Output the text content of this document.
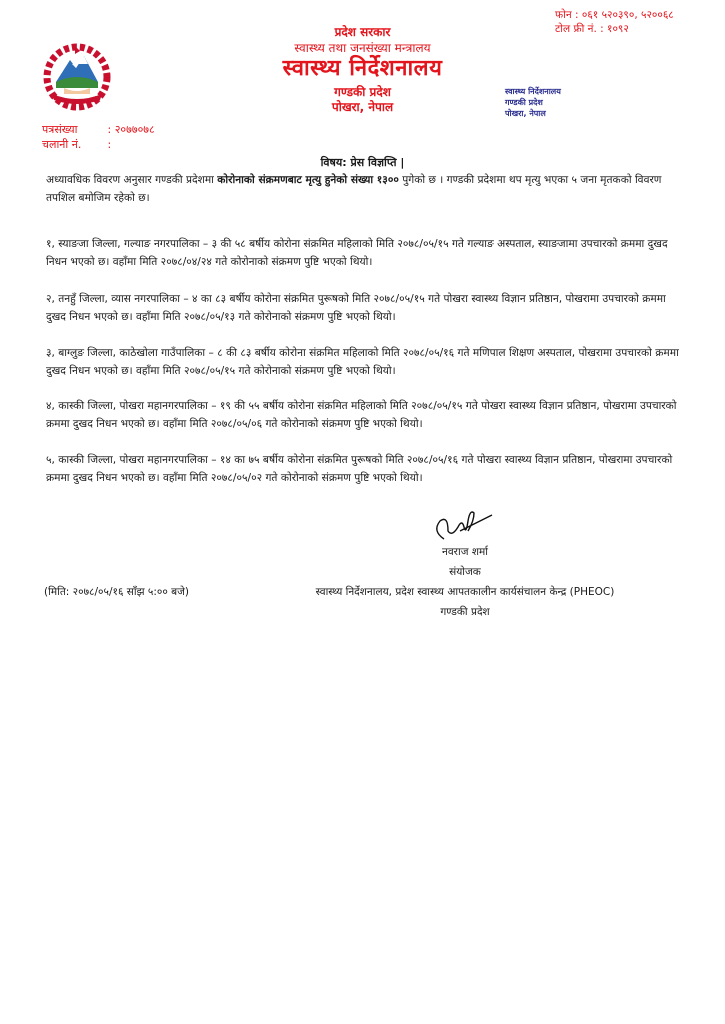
फोन : ०६१ ५२०३९०, ५२००६८
टोल फ्री नं. : १०९२
प्रदेश सरकार
स्वास्थ्य तथा जनसंख्या मन्त्रालय
स्वास्थ्य निर्देशनालय
गण्डकी प्रदेश
पोखरा, नेपाल
स्वास्थ्य निर्देशनालय
गण्डकी प्रदेश
पोखरा, नेपाल
पत्रसंख्या	: २०७७०७८
चलानी नं. :
विषय: प्रेस विज्ञप्ति |
अध्यावधिक विवरण अनुसार गण्डकी प्रदेशमा कोरोनाको संक्रमणबाट मृत्यु हुनेको संख्या १३०० पुगेको छ । गण्डकी प्रदेशमा थप मृत्यु भएका ५ जना मृतकको विवरण तपशिल बमोजिम रहेको छ।
१, स्याङजा जिल्ला, गल्याङ नगरपालिका – ३ की ५८ बर्षीय कोरोना संक्रमित महिलाको मिति २०७८/०५/१५ गते गल्याङ अस्पताल, स्याङजामा उपचारको क्रममा दुखद निधन भएको छ। वहाँमा मिति २०७८/०४/२४ गते कोरोनाको संक्रमण पुष्टि भएको थियो।
२, तनहुँ जिल्ला, व्यास नगरपालिका – ४ का ८३ बर्षीय कोरोना संक्रमित पुरूषको मिति २०७८/०५/१५ गते पोखरा स्वास्थ्य विज्ञान प्रतिष्ठान, पोखरामा उपचारको क्रममा दुखद निधन भएको छ। वहाँमा मिति २०७८/०५/१३ गते कोरोनाको संक्रमण पुष्टि भएको थियो।
३, बाग्लुङ जिल्ला, काठेखोला गाउँपालिका – ८ की ८३ बर्षीय कोरोना संक्रमित महिलाको मिति २०७८/०५/१६ गते मणिपाल शिक्षण अस्पताल, पोखरामा उपचारको क्रममा दुखद निधन भएको छ। वहाँमा मिति २०७८/०५/१५ गते कोरोनाको संक्रमण पुष्टि भएको थियो।
४, कास्की जिल्ला, पोखरा महानगरपालिका – १९ की ५५ बर्षीय कोरोना संक्रमित महिलाको मिति २०७८/०५/१५ गते पोखरा स्वास्थ्य विज्ञान प्रतिष्ठान, पोखरामा उपचारको क्रममा दुखद निधन भएको छ। वहाँमा मिति २०७८/०५/०६ गते कोरोनाको संक्रमण पुष्टि भएको थियो।
५, कास्की जिल्ला, पोखरा महानगरपालिका – १४ का ७५ बर्षीय कोरोना संक्रमित पुरूषको मिति २०७८/०५/१६ गते पोखरा स्वास्थ्य विज्ञान प्रतिष्ठान, पोखरामा उपचारको क्रममा दुखद निधन भएको छ। वहाँमा मिति २०७८/०५/०२ गते कोरोनाको संक्रमण पुष्टि भएको थियो।
नवराज शर्मा
संयोजक
स्वास्थ्य निर्देशनालय, प्रदेश स्वास्थ्य आपतकालीन कार्यसंचालन केन्द्र (PHEOC)
गण्डकी प्रदेश
(मिति: २०७८/०५/१६ साँझ ५:०० बजे)
